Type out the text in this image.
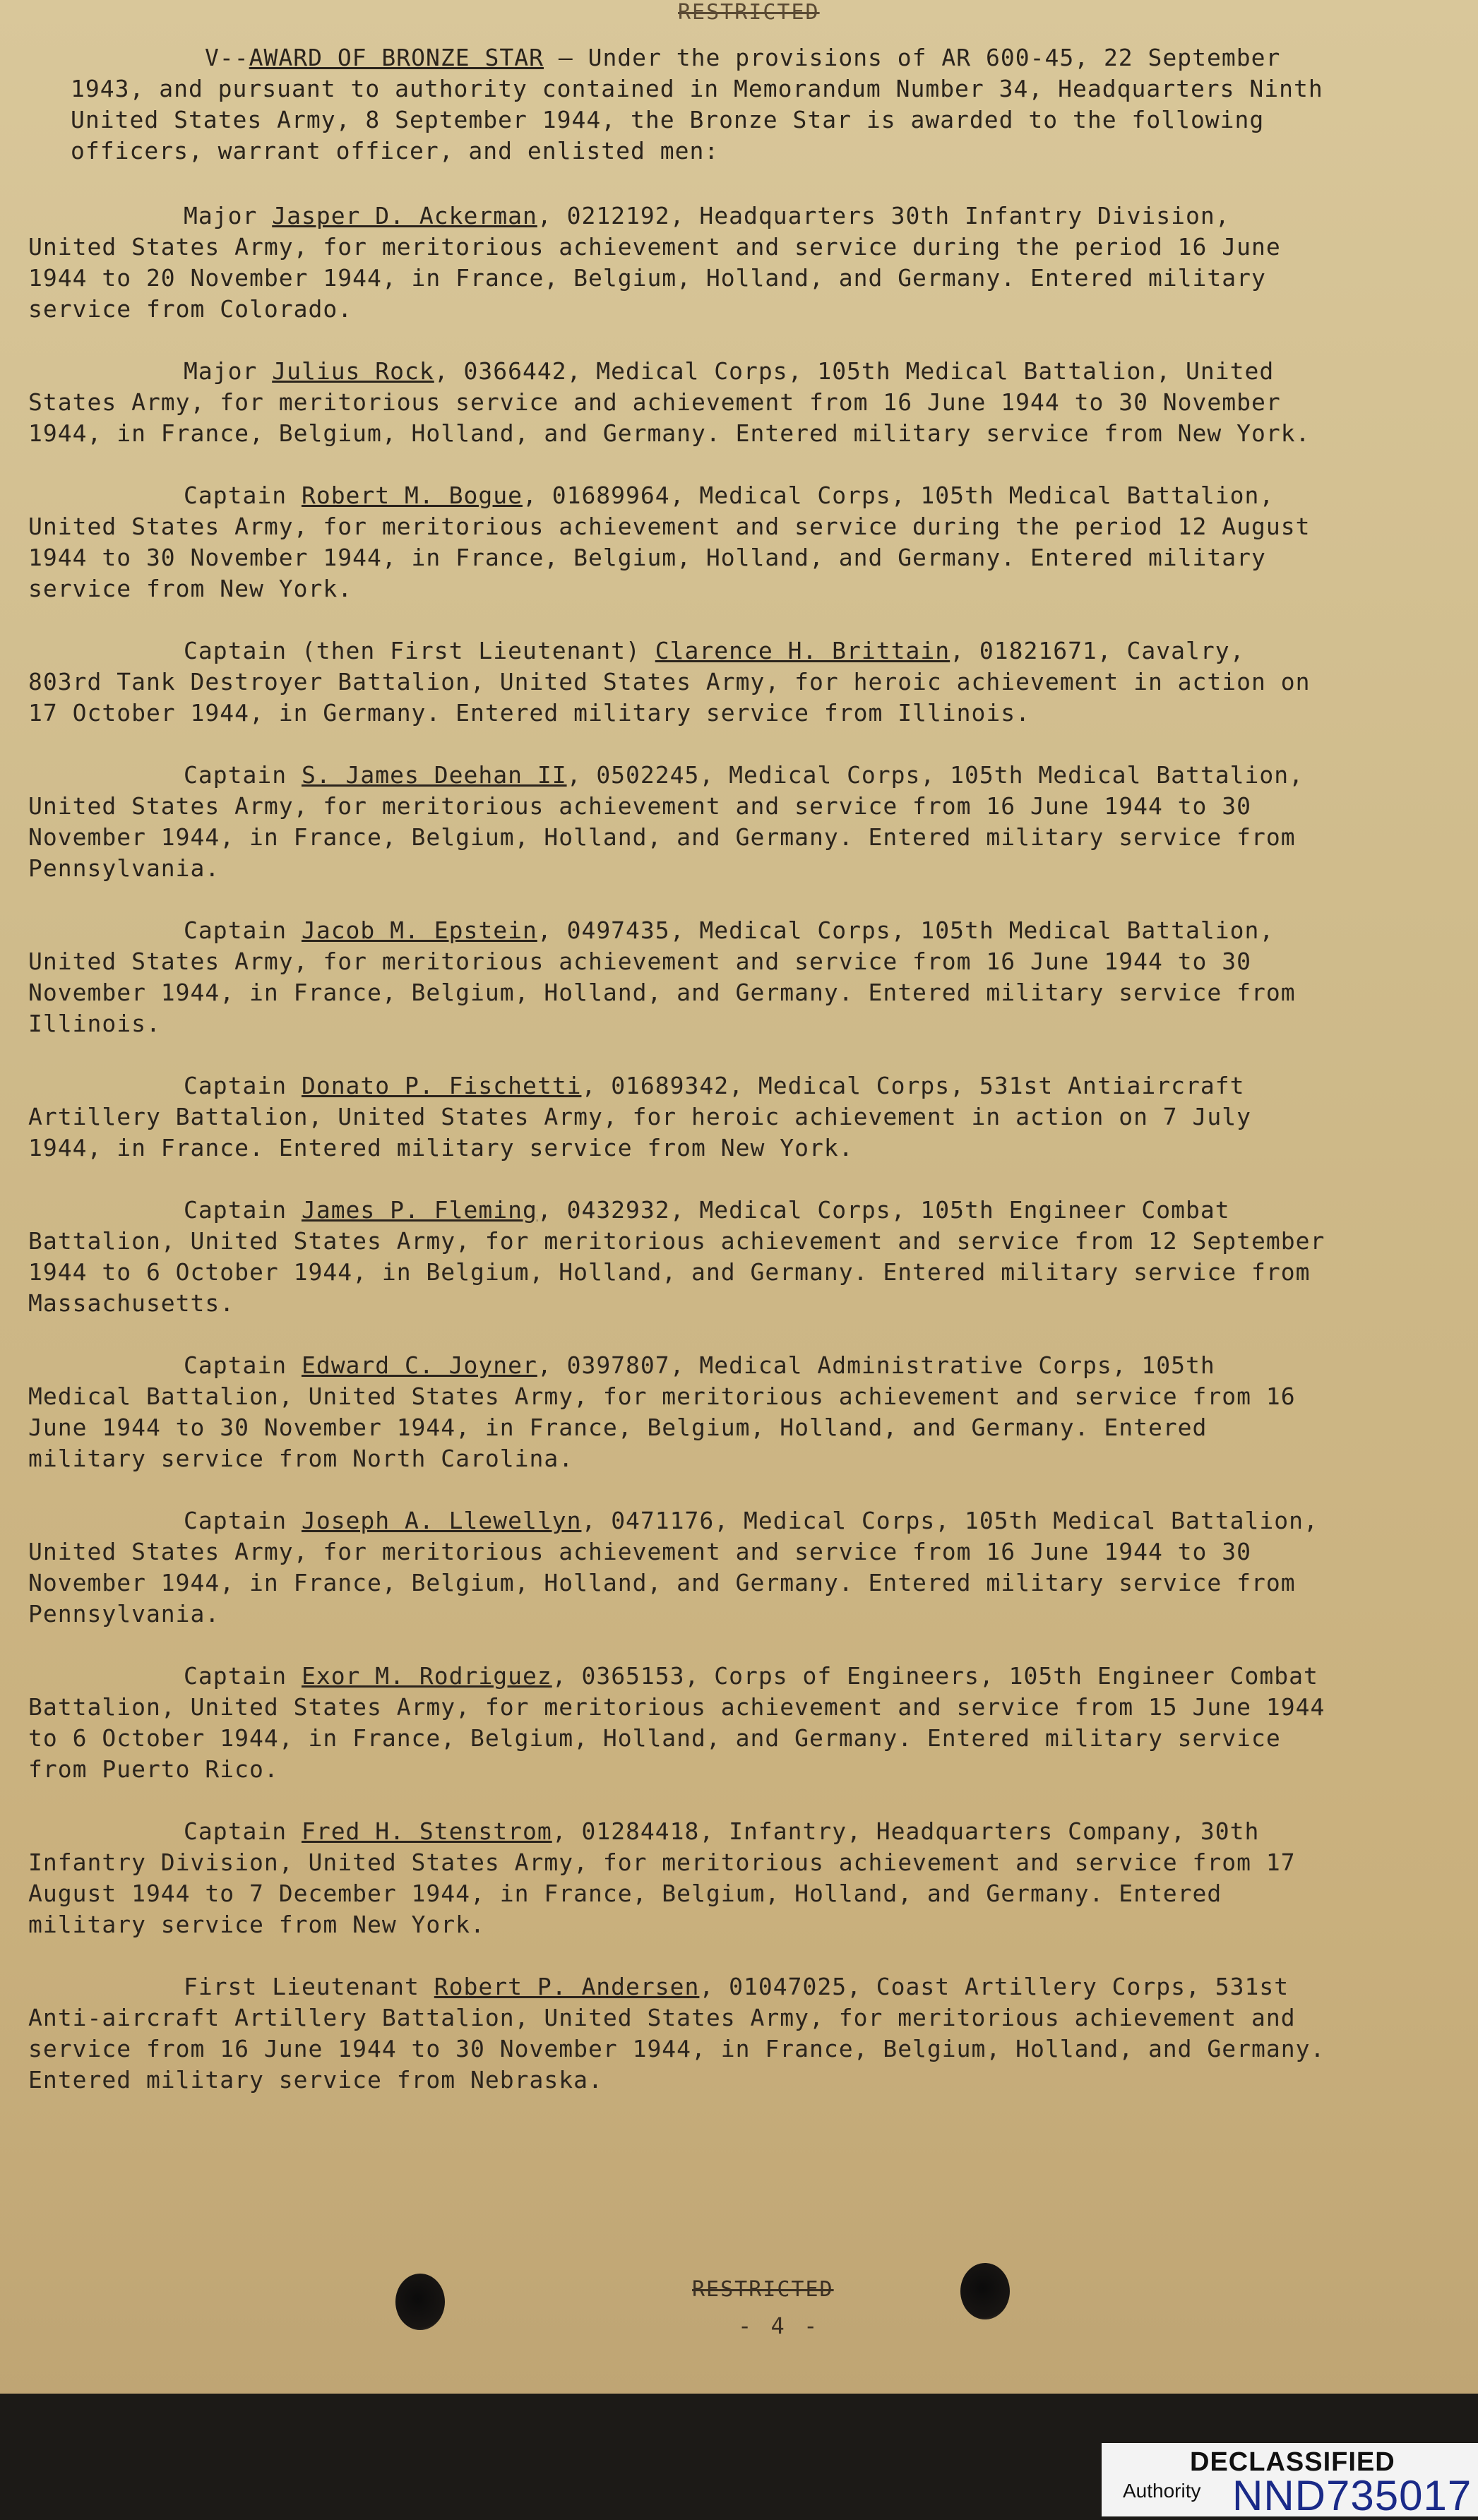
RESTRICTED

V--AWARD OF BRONZE STAR — Under the provisions of AR 600-45, 22 September 1943, and pursuant to authority contained in Memorandum Number 34, Headquarters Ninth United States Army, 8 September 1944, the Bronze Star is awarded to the following officers, warrant officer, and enlisted men:

Major Jasper D. Ackerman, 0212192, Headquarters 30th Infantry Division, United States Army, for meritorious achievement and service during the period 16 June 1944 to 20 November 1944, in France, Belgium, Holland, and Germany. Entered military service from Colorado.

Major Julius Rock, 0366442, Medical Corps, 105th Medical Battalion, United States Army, for meritorious service and achievement from 16 June 1944 to 30 November 1944, in France, Belgium, Holland, and Germany. Entered military service from New York.

Captain Robert M. Bogue, 01689964, Medical Corps, 105th Medical Battalion, United States Army, for meritorious achievement and service during the period 12 August 1944 to 30 November 1944, in France, Belgium, Holland, and Germany. Entered military service from New York.

Captain (then First Lieutenant) Clarence H. Brittain, 01821671, Cavalry, 803rd Tank Destroyer Battalion, United States Army, for heroic achievement in action on 17 October 1944, in Germany. Entered military service from Illinois.

Captain S. James Deehan II, 0502245, Medical Corps, 105th Medical Battalion, United States Army, for meritorious achievement and service from 16 June 1944 to 30 November 1944, in France, Belgium, Holland, and Germany. Entered military service from Pennsylvania.

Captain Jacob M. Epstein, 0497435, Medical Corps, 105th Medical Battalion, United States Army, for meritorious achievement and service from 16 June 1944 to 30 November 1944, in France, Belgium, Holland, and Germany. Entered military service from Illinois.

Captain Donato P. Fischetti, 01689342, Medical Corps, 531st Antiaircraft Artillery Battalion, United States Army, for heroic achievement in action on 7 July 1944, in France. Entered military service from New York.

Captain James P. Fleming, 0432932, Medical Corps, 105th Engineer Combat Battalion, United States Army, for meritorious achievement and service from 12 September 1944 to 6 October 1944, in Belgium, Holland, and Germany. Entered military service from Massachusetts.

Captain Edward C. Joyner, 0397807, Medical Administrative Corps, 105th Medical Battalion, United States Army, for meritorious achievement and service from 16 June 1944 to 30 November 1944, in France, Belgium, Holland, and Germany. Entered military service from North Carolina.

Captain Joseph A. Llewellyn, 0471176, Medical Corps, 105th Medical Battalion, United States Army, for meritorious achievement and service from 16 June 1944 to 30 November 1944, in France, Belgium, Holland, and Germany. Entered military service from Pennsylvania.

Captain Exor M. Rodriguez, 0365153, Corps of Engineers, 105th Engineer Combat Battalion, United States Army, for meritorious achievement and service from 15 June 1944 to 6 October 1944, in France, Belgium, Holland, and Germany. Entered military service from Puerto Rico.

Captain Fred H. Stenstrom, 01284418, Infantry, Headquarters Company, 30th Infantry Division, United States Army, for meritorious achievement and service from 17 August 1944 to 7 December 1944, in France, Belgium, Holland, and Germany. Entered military service from New York.

First Lieutenant Robert P. Andersen, 01047025, Coast Artillery Corps, 531st Anti-aircraft Artillery Battalion, United States Army, for meritorious achievement and service from 16 June 1944 to 30 November 1944, in France, Belgium, Holland, and Germany. Entered military service from Nebraska.

RESTRICTED
- 4 -
DECLASSIFIED
Authority NND735017
